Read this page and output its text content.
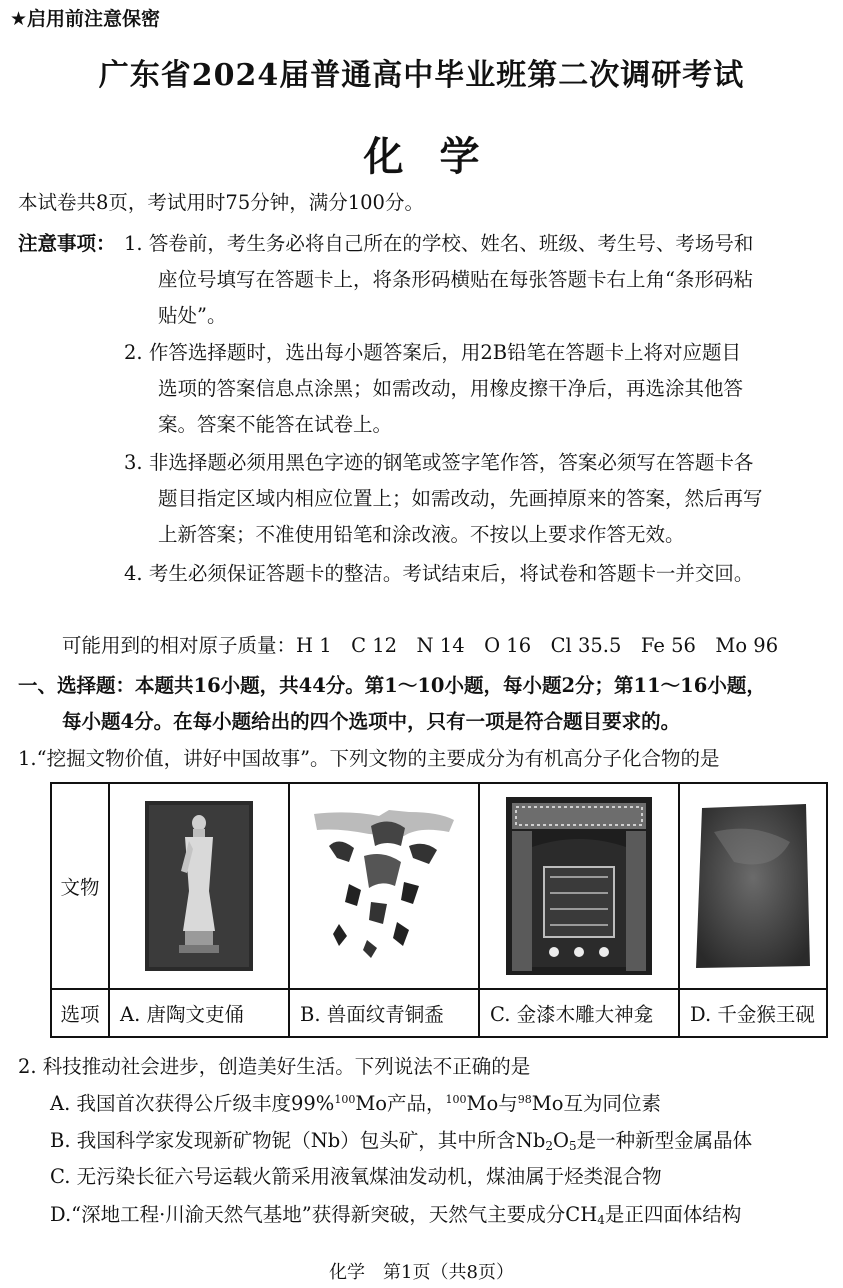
★启用前注意保密
广东省2024届普通高中毕业班第二次调研考试
化学
本试卷共8页，考试用时75分钟，满分100分。
注意事项： 1. 答卷前，考生务必将自己所在的学校、姓名、班级、考生号、考场号和
座位号填写在答题卡上，将条形码横贴在每张答题卡右上角“条形码粘
贴处”。
2. 作答选择题时，选出每小题答案后，用2B铅笔在答题卡上将对应题目
选项的答案信息点涂黑；如需改动，用橡皮擦干净后，再选涂其他答
案。答案不能答在试卷上。
3. 非选择题必须用黑色字迹的钢笔或签字笔作答，答案必须写在答题卡各
题目指定区域内相应位置上；如需改动，先画掉原来的答案，然后再写
上新答案；不准使用铅笔和涂改液。不按以上要求作答无效。
4. 考生必须保证答题卡的整洁。考试结束后，将试卷和答题卡一并交回。
可能用到的相对原子质量：H 1　C 12　N 14　O 16　Cl 35.5　Fe 56　Mo 96
一、选择题：本题共16小题，共44分。第1～10小题，每小题2分；第11～16小题，
每小题4分。在每小题给出的四个选项中，只有一项是符合题目要求的。
1.“挖掘文物价值，讲好中国故事”。下列文物的主要成分为有机高分子化合物的是
文物	

选项	A. 唐陶文吏俑	B. 兽面纹青铜盉	C. 金漆木雕大神龛	D. 千金猴王砚
2. 科技推动社会进步，创造美好生活。下列说法不正确的是
A. 我国首次获得公斤级丰度99%$^{100}$Mo产品，$^{100}$Mo与$^{98}$Mo互为同位素
B. 我国科学家发现新矿物铌（Nb）包头矿，其中所含$Nb_2O_5$是一种新型金属晶体
C. 无污染长征六号运载火箭采用液氧煤油发动机，煤油属于烃类混合物
D.“深地工程·川渝天然气基地”获得新突破，天然气主要成分$CH_4$是正四面体结构
化学　第1页（共8页）
